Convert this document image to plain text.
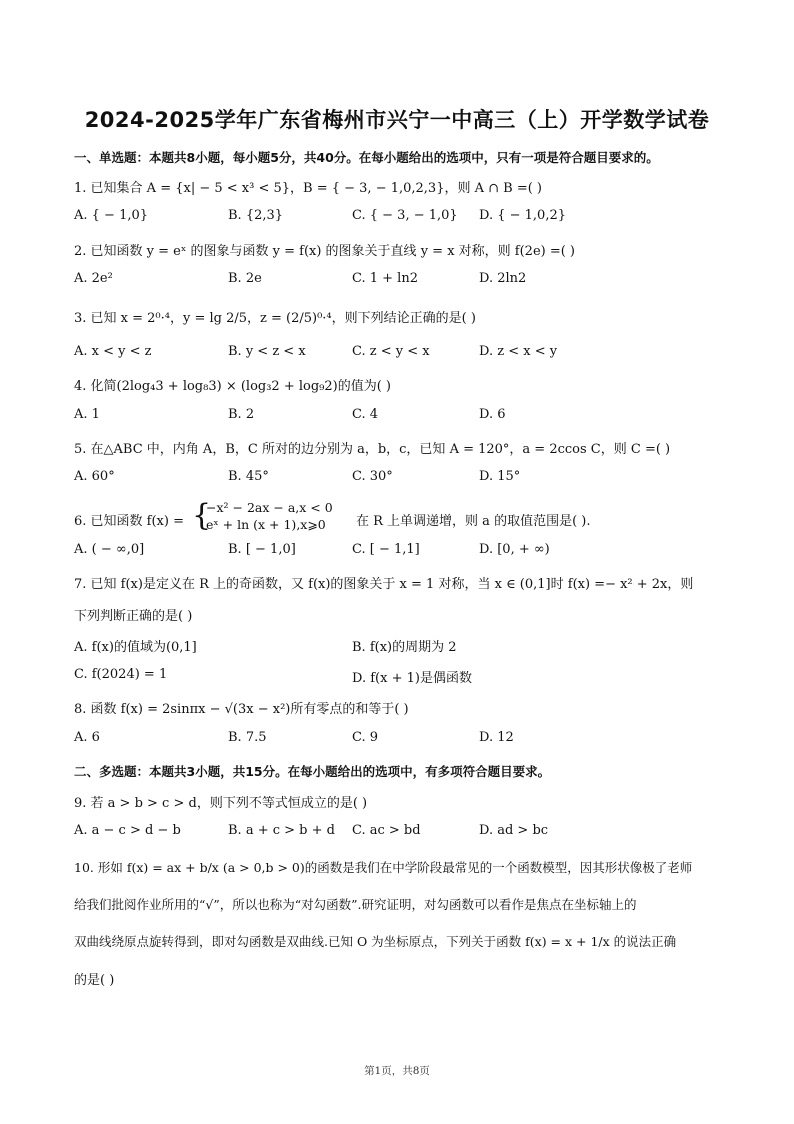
2024-2025学年广东省梅州市兴宁一中高三（上）开学数学试卷
一、单选题：本题共8小题，每小题5分，共40分。在每小题给出的选项中，只有一项是符合题目要求的。
1. 已知集合 A = {x| − 5 < x³ < 5}，B = { − 3, − 1,0,2,3}，则 A ∩ B =( )
A. { − 1,0}	B. {2,3}	C. { − 3, − 1,0} D. { − 1,0,2}
2. 已知函数 y = eˣ 的图象与函数 y = f(x) 的图象关于直线 y = x 对称，则 f(2e) =( )
A. 2e²	B. 2e	C. 1 + ln2	D. 2ln2
3. 已知 x = 2⁰·⁴，y = lg 2/5，z = (2/5)⁰·⁴，则下列结论正确的是( )
A. x < y < z	B. y < z < x	C. z < y < x	D. z < x < y
4. 化简(2log₄3 + log₈3) × (log₃2 + log₉2)的值为( )
A. 1	B. 2	C. 4	D. 6
5. 在△ABC 中，内角 A，B，C 所对的边分别为 a，b，c，已知 A = 120°，a = 2ccos C，则 C =( )
A. 60°	B. 45°	C. 30°	D. 15°
6. 已知函数 f(x) = {
−x² − 2ax − a,x < 0
eˣ + ln (x + 1),x⩾0 在 R 上单调递增，则 a 的取值范围是( ).
A. ( − ∞,0]	B. [ − 1,0]	C. [ − 1,1]	D. [0, + ∞)
7. 已知 f(x)是定义在 R 上的奇函数，又 f(x)的图象关于 x = 1 对称，当 x ∈ (0,1]时 f(x) =− x² + 2x，则
下列判断正确的是( )
A. f(x)的值域为(0,1]	B. f(x)的周期为 2
C. f(2024) = 1	D. f(x + 1)是偶函数
8. 函数 f(x) = 2sinπx − √(3x − x²)所有零点的和等于( )
A. 6	B. 7.5	C. 9	D. 12
二、多选题：本题共3小题，共15分。在每小题给出的选项中，有多项符合题目要求。
9. 若 a > b > c > d，则下列不等式恒成立的是( )
A. a − c > d − b	B. a + c > b + d C. ac > bd	D. ad > bc
10. 形如 f(x) = ax + b/x (a > 0,b > 0)的函数是我们在中学阶段最常见的一个函数模型，因其形状像极了老师
给我们批阅作业所用的“√”，所以也称为“对勾函数”.研究证明，对勾函数可以看作是焦点在坐标轴上的
双曲线绕原点旋转得到，即对勾函数是双曲线.已知 O 为坐标原点，下列关于函数 f(x) = x + 1/x 的说法正确
的是( )
第1页，共8页
